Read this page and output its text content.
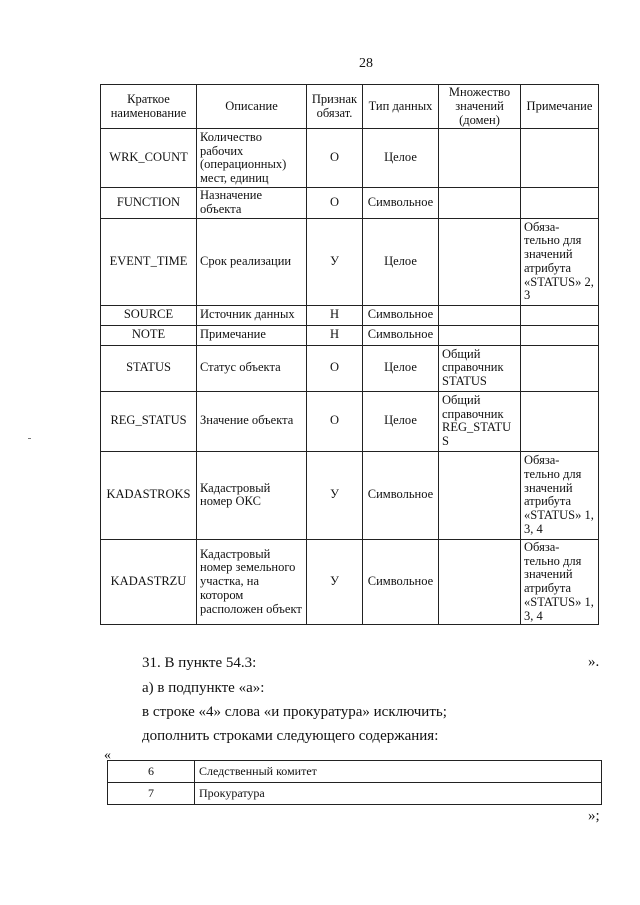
28
Краткое наименование	Описание	Признак обязат.	Тип данных	Множество значений (домен)	Примечание
WRK_COUNT	Количество рабочих (операционных) мест, единиц	О	Целое		
FUNCTION	Назначение объекта	О	Символьное		
EVENT_TIME	Срок реализации	У	Целое		Обяза-тельно для значений атрибута «STATUS» 2, 3
SOURCE	Источник данных	Н	Символьное		
NOTE	Примечание	Н	Символьное		
STATUS	Статус объекта	О	Целое	Общий справочник STATUS	
REG_STATUS	Значение объекта	О	Целое	Общий справочник REG_STATU S	
KADASTROKS	Кадастровый номер ОКС	У	Символьное		Обяза-тельно для значений атрибута «STATUS» 1, 3, 4
KADASTRZU	Кадастровый номер земельного участка, на котором расположен объект	У	Символьное		Обяза-тельно для значений атрибута «STATUS» 1, 3, 4
».
31. В пункте 54.3:
а) в подпункте «а»:
в строке «4» слова «и прокуратура» исключить;
дополнить строками следующего содержания:
«
6	Следственный комитет
7	Прокуратура
»;
